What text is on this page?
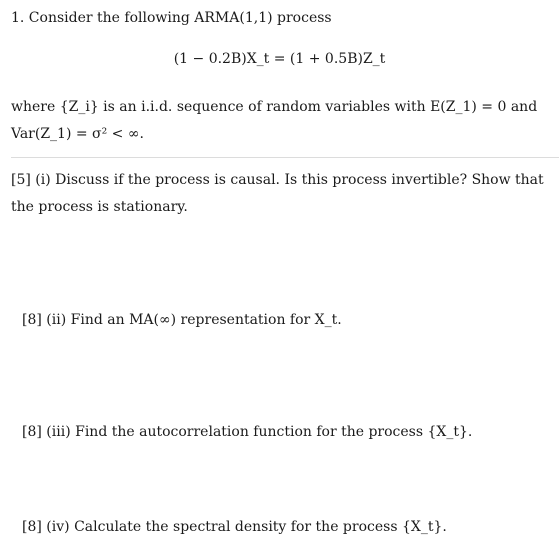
1. Consider the following ARMA(1,1) process
(1 − 0.2B)X_t = (1 + 0.5B)Z_t
where {Z_i} is an i.i.d. sequence of random variables with E(Z_1) = 0 and
Var(Z_1) = σ² < ∞.
[5] (i) Discuss if the process is causal. Is this process invertible? Show that
the process is stationary.
[8] (ii) Find an MA(∞) representation for X_t.
[8] (iii) Find the autocorrelation function for the process {X_t}.
[8] (iv) Calculate the spectral density for the process {X_t}.
